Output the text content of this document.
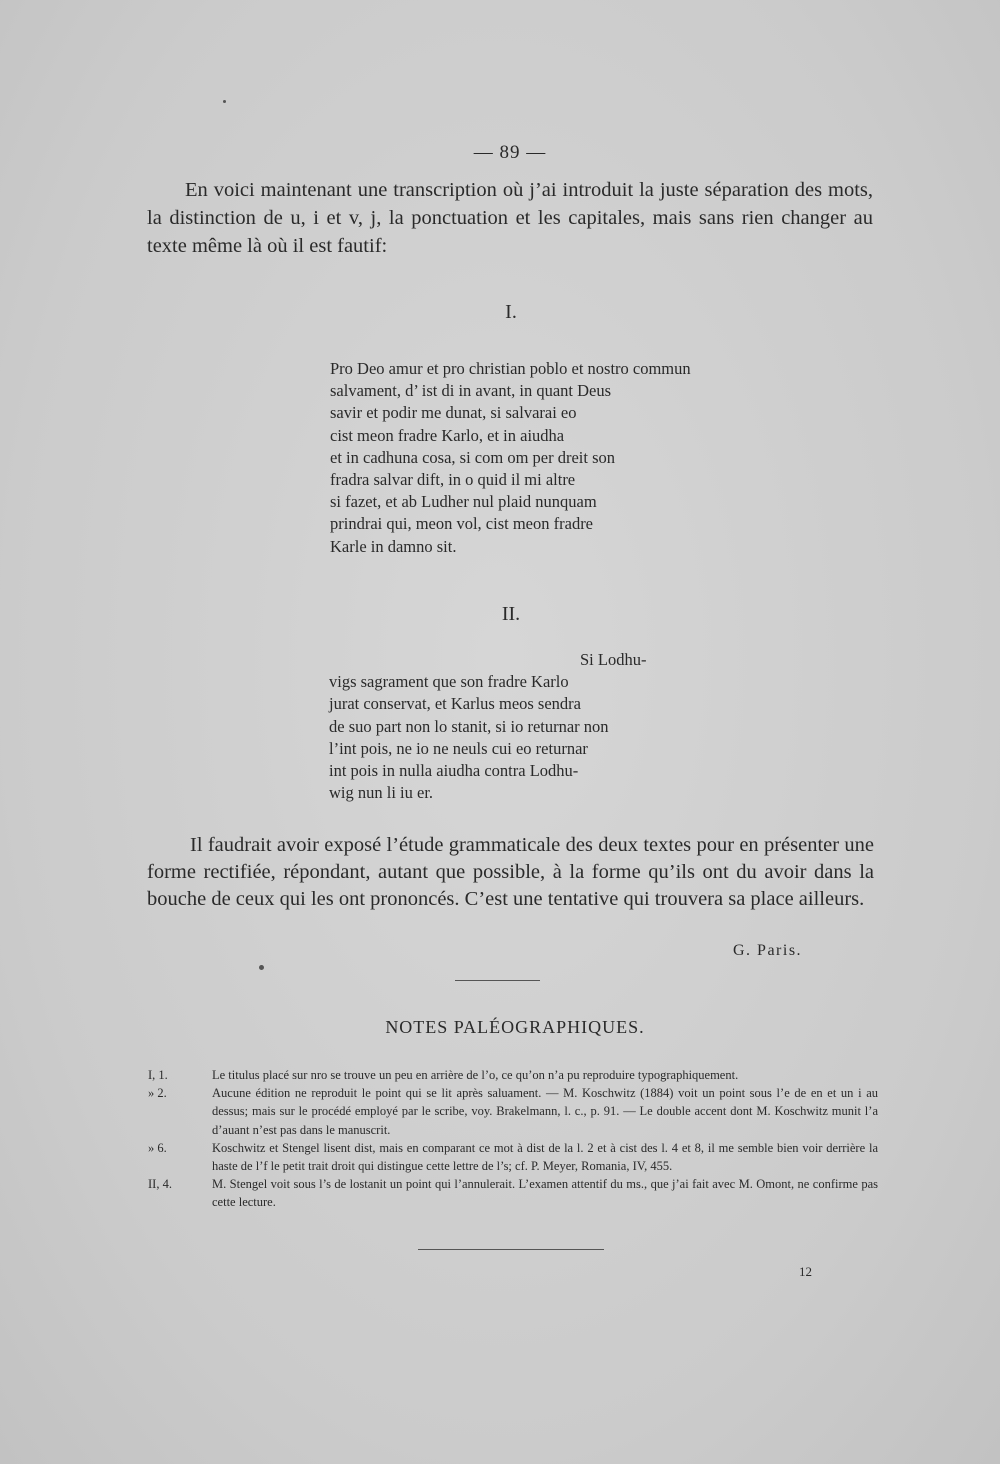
— 89 —

En voici maintenant une transcription où j’ai introduit la juste séparation des mots, la distinction de u, i et v, j, la ponctuation et les capitales, mais sans rien changer au texte même là où il est fautif:

I.
Pro Deo amur et pro christian poblo et nostro commun
salvament, d’ ist di in avant, in quant Deus
savir et podir me dunat, si salvarai eo
cist meon fradre Karlo, et in aiudha
et in cadhuna cosa, si com om per dreit son
fradra salvar dift, in o quid il mi altre
si fazet, et ab Ludher nul plaid nunquam
prindrai qui, meon vol, cist meon fradre
Karle in damno sit.
II.
Si Lodhu-
vigs sagrament que son fradre Karlo
jurat conservat, et Karlus meos sendra
de suo part non lo stanit, si io returnar non
l’int pois, ne io ne neuls cui eo returnar
int pois in nulla aiudha contra Lodhu-
wig nun li iu er.

Il faudrait avoir exposé l’étude grammaticale des deux textes pour en présenter une forme rectifiée, répondant, autant que possible, à la forme qu’ils ont du avoir dans la bouche de ceux qui les ont prononcés. C’est une tentative qui trouvera sa place ailleurs.

G. Paris.
NOTES PALÉOGRAPHIQUES.

I, 1.	Le titulus placé sur nro se trouve un peu en arrière de l’o, ce qu’on n’a pu reproduire typographiquement.

» 2.	Aucune édition ne reproduit le point qui se lit après saluament. — M. Koschwitz (1884) voit un point sous l’e de en et un i au dessus; mais sur le procédé employé par le scribe, voy. Brakelmann, l. c., p. 91. — Le double accent dont M. Koschwitz munit l’a d’auant n’est pas dans le manuscrit.

» 6.	Koschwitz et Stengel lisent dist, mais en comparant ce mot à dist de la l. 2 et à cist des l. 4 et 8, il me semble bien voir derrière la haste de l’f le petit trait droit qui distingue cette lettre de l’s; cf. P. Meyer, Romania, IV, 455.

II, 4.	M. Stengel voit sous l’s de lostanit un point qui l’annulerait. L’examen attentif du ms., que j’ai fait avec M. Omont, ne confirme pas cette lecture.

12
